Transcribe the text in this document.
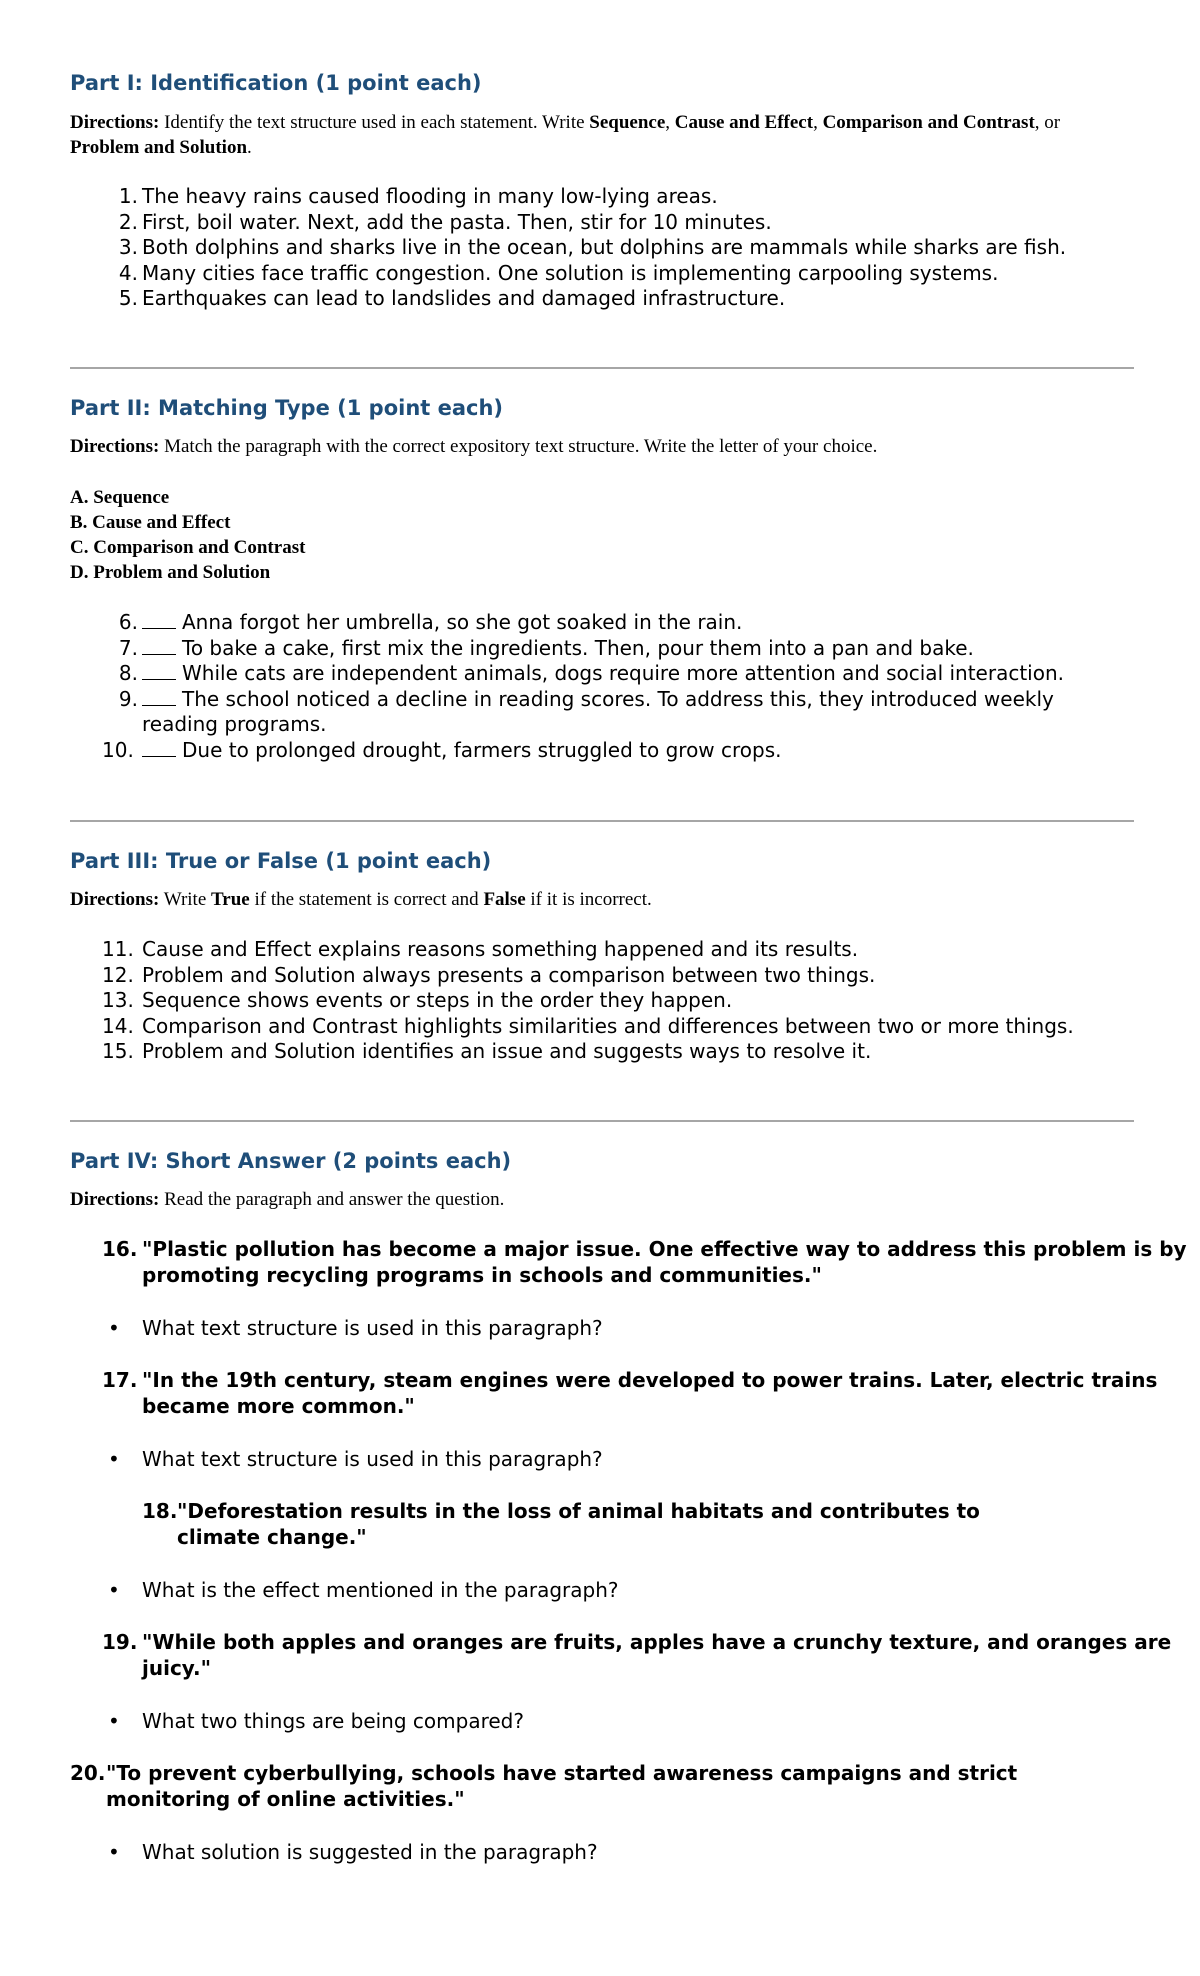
Part I: Identification (1 point each)

Directions: Identify the text structure used in each statement. Write Sequence, Cause and Effect, Comparison and Contrast, or Problem and Solution.

1. The heavy rains caused flooding in many low-lying areas.
2. First, boil water. Next, add the pasta. Then, stir for 10 minutes.
3. Both dolphins and sharks live in the ocean, but dolphins are mammals while sharks are fish.
4. Many cities face traffic congestion. One solution is implementing carpooling systems.
5. Earthquakes can lead to landslides and damaged infrastructure.
Part II: Matching Type (1 point each)

Directions: Match the paragraph with the correct expository text structure. Write the letter of your choice.

A. Sequence
B. Cause and Effect
C. Comparison and Contrast
D. Problem and Solution
6. Anna forgot her umbrella, so she got soaked in the rain.
7. To bake a cake, first mix the ingredients. Then, pour them into a pan and bake.
8. While cats are independent animals, dogs require more attention and social interaction.
9. The school noticed a decline in reading scores. To address this, they introduced weekly reading programs.
10.	Due to prolonged drought, farmers struggled to grow crops.
Part III: True or False (1 point each)

Directions: Write True if the statement is correct and False if it is incorrect.

11. Cause and Effect explains reasons something happened and its results.
12. Problem and Solution always presents a comparison between two things.
13. Sequence shows events or steps in the order they happen.
14. Comparison and Contrast highlights similarities and differences between two or more things.
15. Problem and Solution identifies an issue and suggests ways to resolve it.
Part IV: Short Answer (2 points each)

Directions: Read the paragraph and answer the question.

16. "Plastic pollution has become a major issue. One effective way to address this problem is by promoting recycling programs in schools and communities."
• What text structure is used in this paragraph?
17. "In the 19th century, steam engines were developed to power trains. Later, electric trains became more common."
• What text structure is used in this paragraph?
18. "Deforestation results in the loss of animal habitats and contributes to climate change."
• What is the effect mentioned in the paragraph?
19. "While both apples and oranges are fruits, apples have a crunchy texture, and oranges are juicy."
• What two things are being compared?
20. "To prevent cyberbullying, schools have started awareness campaigns and strict monitoring of online activities."
• What solution is suggested in the paragraph?
